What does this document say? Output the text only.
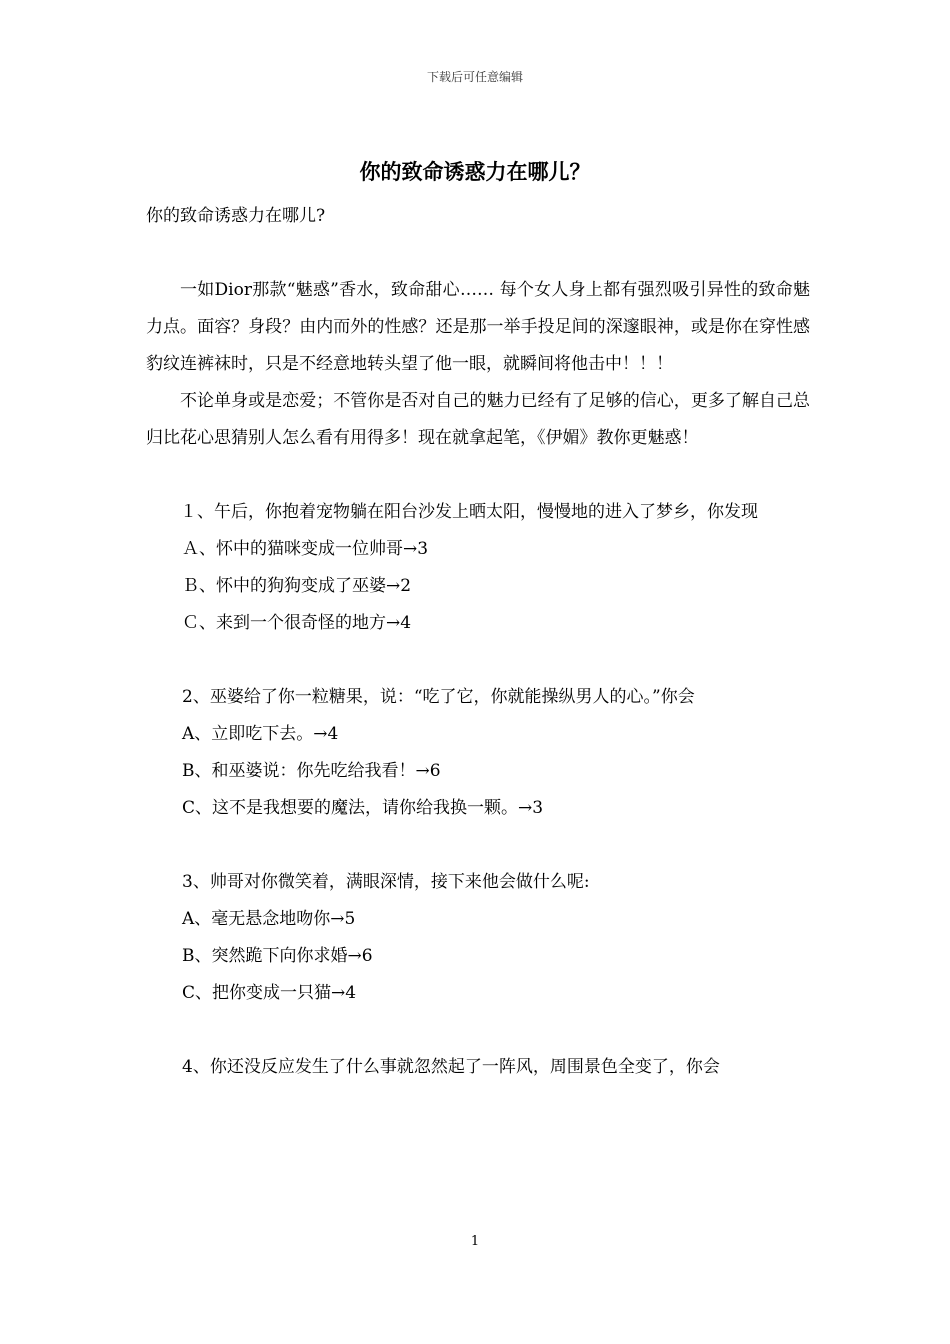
下载后可任意编辑
你的致命诱惑力在哪儿？

你的致命诱惑力在哪儿?

一如Dior那款“魅惑”香水，致命甜心…… 每个女人身上都有强烈吸引异性的致命魅力点。面容？身段？由内而外的性感？还是那一举手投足间的深邃眼神，或是你在穿性感豹纹连裤袜时，只是不经意地转头望了他一眼，就瞬间将他击中！！！

不论单身或是恋爱；不管你是否对自己的魅力已经有了足够的信心，更多了解自己总归比花心思猜别人怎么看有用得多！现在就拿起笔，《伊媚》教你更魅惑！

１、午后，你抱着宠物躺在阳台沙发上晒太阳，慢慢地的进入了梦乡，你发现

Ａ、怀中的猫咪变成一位帅哥→3

Ｂ、怀中的狗狗变成了巫婆→2

Ｃ、来到一个很奇怪的地方→4

2、巫婆给了你一粒糖果，说：“吃了它，你就能操纵男人的心。”你会

A、立即吃下去。→4

B、和巫婆说：你先吃给我看！→6

C、这不是我想要的魔法，请你给我换一颗。→3

3、帅哥对你微笑着，满眼深情，接下来他会做什么呢:

A、毫无悬念地吻你→5

B、突然跪下向你求婚→6

C、把你变成一只猫→4

4、你还没反应发生了什么事就忽然起了一阵风，周围景色全变了，你会

1
